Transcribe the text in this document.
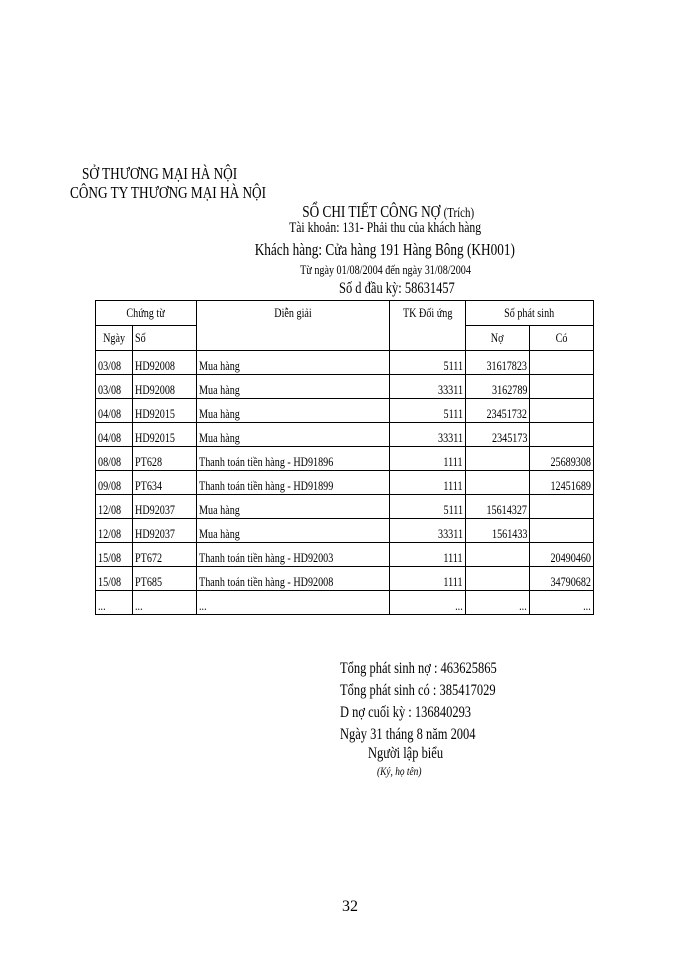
SỞ THƯƠNG MẠI HÀ NỘI
CÔNG TY THƯƠNG MẠI HÀ NỘI
SỔ CHI TIẾT CÔNG NỢ (Trích)
Tài khoản: 131- Phải thu của khách hàng
Khách hàng: Cửa hàng 191 Hàng Bông (KH001)
Từ ngày 01/08/2004 đến ngày 31/08/2004
Số d đầu kỳ: 58631457
Chứng từ		Diễn giải	TK Đối ứng	Số phát sinh	
Ngày	Số			Nợ	Có
03/08	HD92008	Mua hàng	5111	31617823	
03/08	HD92008	Mua hàng	33311	3162789	
04/08	HD92015	Mua hàng	5111	23451732	
04/08	HD92015	Mua hàng	33311	2345173	
08/08	PT628	Thanh toán tiền hàng - HD91896	1111		25689308
09/08	PT634	Thanh toán tiền hàng - HD91899	1111		12451689
12/08	HD92037	Mua hàng	5111	15614327	
12/08	HD92037	Mua hàng	33311	1561433	
15/08	PT672	Thanh toán tiền hàng - HD92003	1111		20490460
15/08	PT685	Thanh toán tiền hàng - HD92008	1111		34790682
...	...	...	...	...	...
Tổng phát sinh nợ : 463625865
Tổng phát sinh có : 385417029
D nợ cuối kỳ : 136840293
Ngày 31 tháng 8 năm 2004
Người lập biểu
(Ký, họ tên)
32
